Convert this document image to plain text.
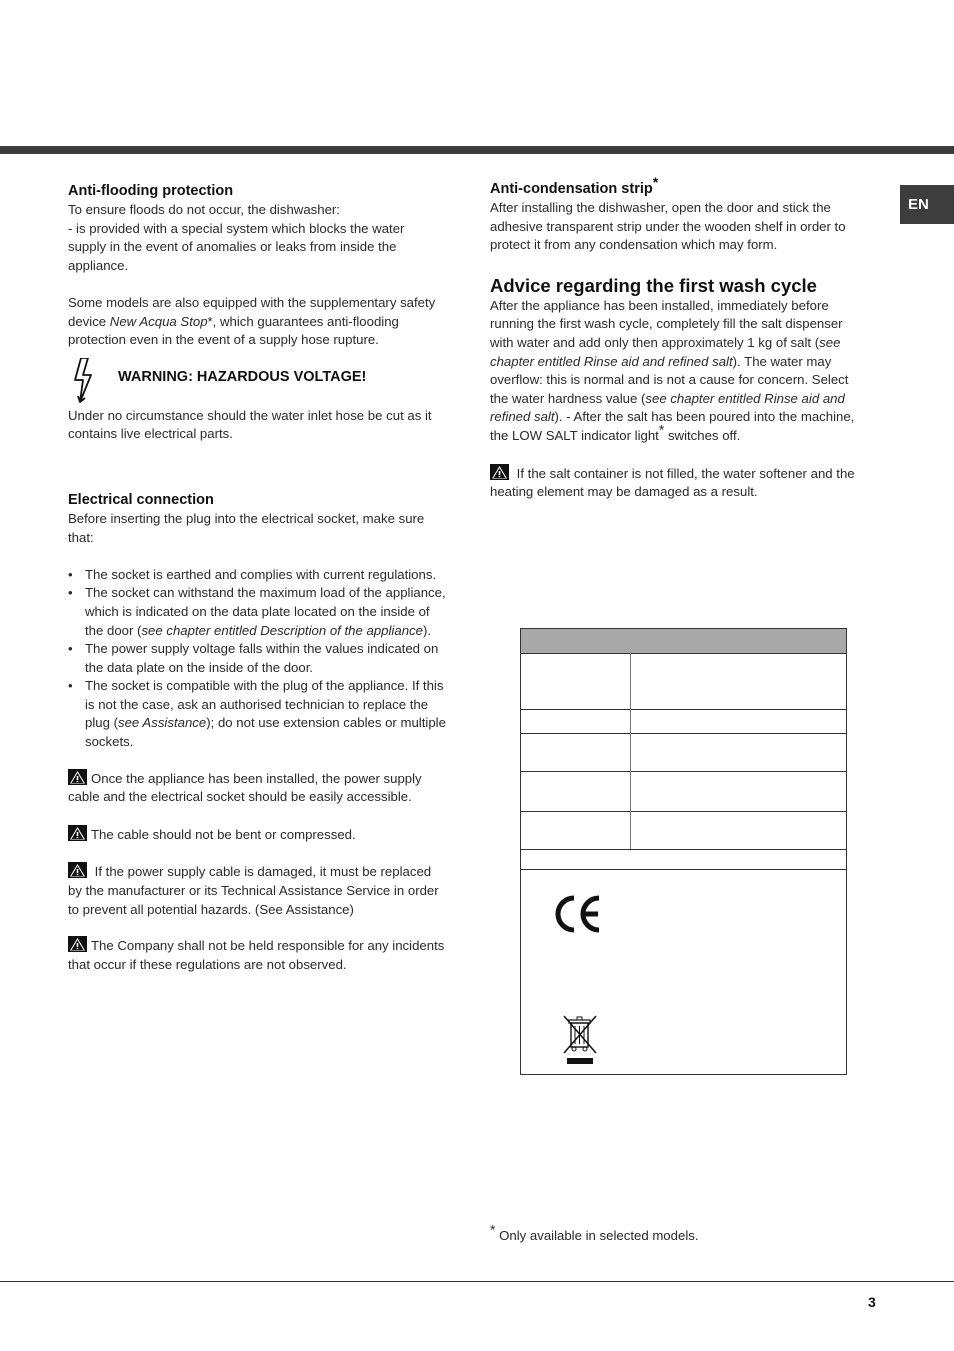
EN
Anti-flooding protection

To ensure floods do not occur, the dishwasher:

- is provided with a special system which blocks the water supply in the event of anomalies or leaks from inside the appliance.

Some models are also equipped with the supplementary safety device New Acqua Stop*, which guarantees anti-flooding protection even in the event of a supply hose rupture.

WARNING: HAZARDOUS VOLTAGE!

Under no circumstance should the water inlet hose be cut as it contains live electrical parts.

Electrical connection

Before inserting the plug into the electrical socket, make sure that:

• The socket is earthed and complies with current regulations.
• The socket can withstand the maximum load of the appliance, which is indicated on the data plate located on the inside of the door (see chapter entitled Description of the appliance).
• The power supply voltage falls within the values indicated on the data plate on the inside of the door.
• The socket is compatible with the plug of the appliance. If this is not the case, ask an authorised technician to replace the plug (see Assistance); do not use extension cables or multiple sockets.

Once the appliance has been installed, the power supply cable and the electrical socket should be easily accessible.

The cable should not be bent or compressed.

If the power supply cable is damaged, it must be replaced by the manufacturer or its Technical Assistance Service in order to prevent all potential hazards. (See Assistance)

The Company shall not be held responsible for any incidents that occur if these regulations are not observed.

Anti-condensation strip*

After installing the dishwasher, open the door and stick the adhesive transparent strip under the wooden shelf in order to protect it from any condensation which may form.

Advice regarding the first wash cycle

After the appliance has been installed, immediately before running the first wash cycle, completely fill the salt dispenser with water and add only then approximately 1 kg of salt (see chapter entitled Rinse aid and refined salt). The water may overflow: this is normal and is not a cause for concern. Select the water hardness value (see chapter entitled Rinse aid and refined salt). - After the salt has been poured into the machine, the LOW SALT indicator light* switches off.

If the salt container is not filled, the water softener and the heating element may be damaged as a result.

* Only available in selected models.
3
